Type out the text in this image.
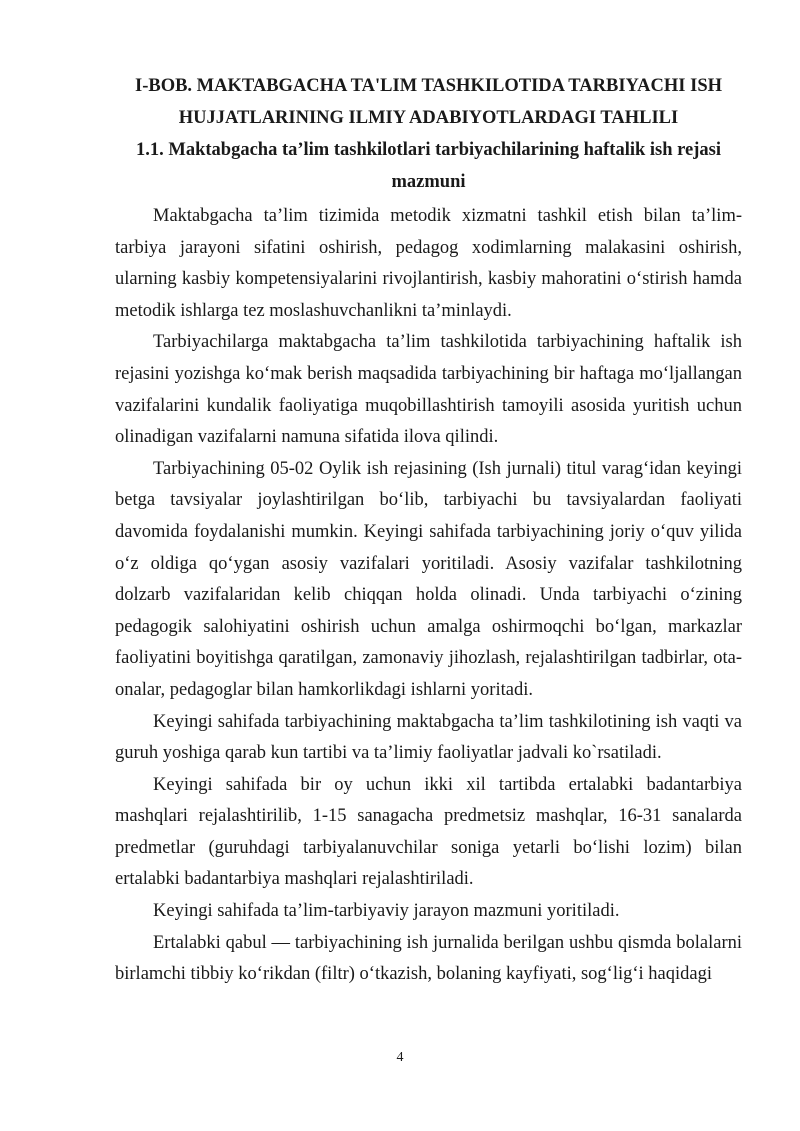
I-BOB. MAKTABGACHA TA'LIM TASHKILOTIDA TARBIYACHI ISH HUJJATLARINING ILMIY ADABIYOTLARDAGI TAHLILI
1.1. Maktabgacha ta’lim tashkilotlari tarbiyachilarining haftalik ish rejasi mazmuni

Maktabgacha ta’lim tizimida metodik xizmatni tashkil etish bilan ta’lim-tarbiya jarayoni sifatini oshirish, pedagog xodimlarning malakasini oshirish, ularning kasbiy kompetensiyalarini rivojlantirish, kasbiy mahoratini o‘stirish hamda metodik ishlarga tez moslashuvchanlikni ta’minlaydi.

Tarbiyachilarga maktabgacha ta’lim tashkilotida tarbiyachining haftalik ish rejasini yozishga ko‘mak berish maqsadida tarbiyachining bir haftaga mo‘ljallangan vazifalarini kundalik faoliyatiga muqobillashtirish tamoyili asosida yuritish uchun olinadigan vazifalarni namuna sifatida ilova qilindi.

Tarbiyachining 05-02 Oylik ish rejasining (Ish jurnali) titul varag‘idan keyingi betga tavsiyalar joylashtirilgan bo‘lib, tarbiyachi bu tavsiyalardan faoliyati davomida foydalanishi mumkin. Keyingi sahifada tarbiyachining joriy o‘quv yilida o‘z oldiga qo‘ygan asosiy vazifalari yoritiladi. Asosiy vazifalar tashkilotning dolzarb vazifalaridan kelib chiqqan holda olinadi. Unda tarbiyachi o‘zining pedagogik salohiyatini oshirish uchun amalga oshirmoqchi bo‘lgan, markazlar faoliyatini boyitishga qaratilgan, zamonaviy jihozlash, rejalashtirilgan tadbirlar, ota-onalar, pedagoglar bilan hamkorlikdagi ishlarni yoritadi.

Keyingi sahifada tarbiyachining maktabgacha ta’lim tashkilotining ish vaqti va guruh yoshiga qarab kun tartibi va ta’limiy faoliyatlar jadvali ko`rsatiladi.

Keyingi sahifada bir oy uchun ikki xil tartibda ertalabki badantarbiya mashqlari rejalashtirilib, 1-15 sanagacha predmetsiz mashqlar, 16-31 sanalarda predmetlar (guruhdagi tarbiyalanuvchilar soniga yetarli bo‘lishi lozim) bilan ertalabki badantarbiya mashqlari rejalashtiriladi.

Keyingi sahifada ta’lim-tarbiyaviy jarayon mazmuni yoritiladi.

Ertalabki qabul — tarbiyachining ish jurnalida berilgan ushbu qismda bolalarni birlamchi tibbiy ko‘rikdan (filtr) o‘tkazish, bolaning kayfiyati, sog‘lig‘i haqidagi

4
